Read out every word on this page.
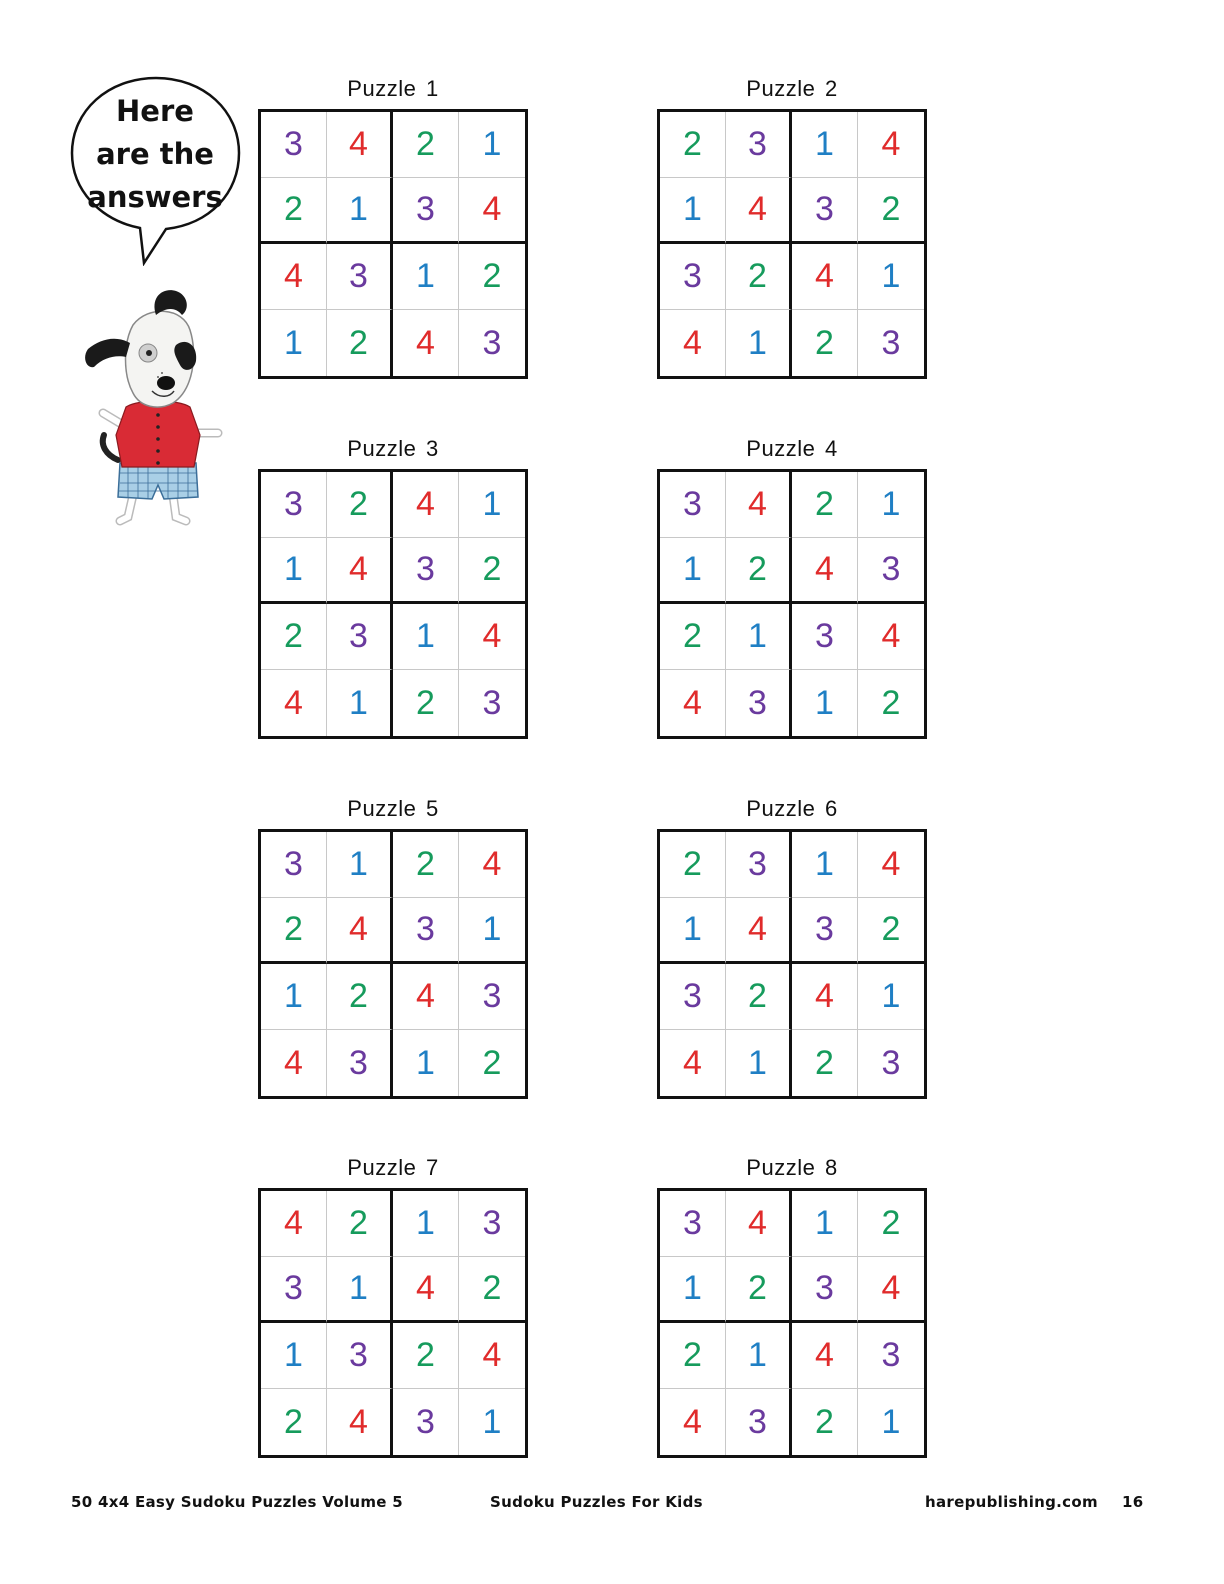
Here
are the
answers
Puzzle 1
3	4	2	1
2	1	3	4
4	3	1	2
1	2	4	3
Puzzle 2
2	3	1	4
1	4	3	2
3	2	4	1
4	1	2	3
Puzzle 3
3	2	4	1
1	4	3	2
2	3	1	4
4	1	2	3
Puzzle 4
3	4	2	1
1	2	4	3
2	1	3	4
4	3	1	2
Puzzle 5
3	1	2	4
2	4	3	1
1	2	4	3
4	3	1	2
Puzzle 6
2	3	1	4
1	4	3	2
3	2	4	1
4	1	2	3
Puzzle 7
4	2	1	3
3	1	4	2
1	3	2	4
2	4	3	1
Puzzle 8
3	4	1	2
1	2	3	4
2	1	4	3
4	3	2	1
50 4x4 Easy Sudoku Puzzles Volume 5	Sudoku Puzzles For Kids	harepublishing.com 16
